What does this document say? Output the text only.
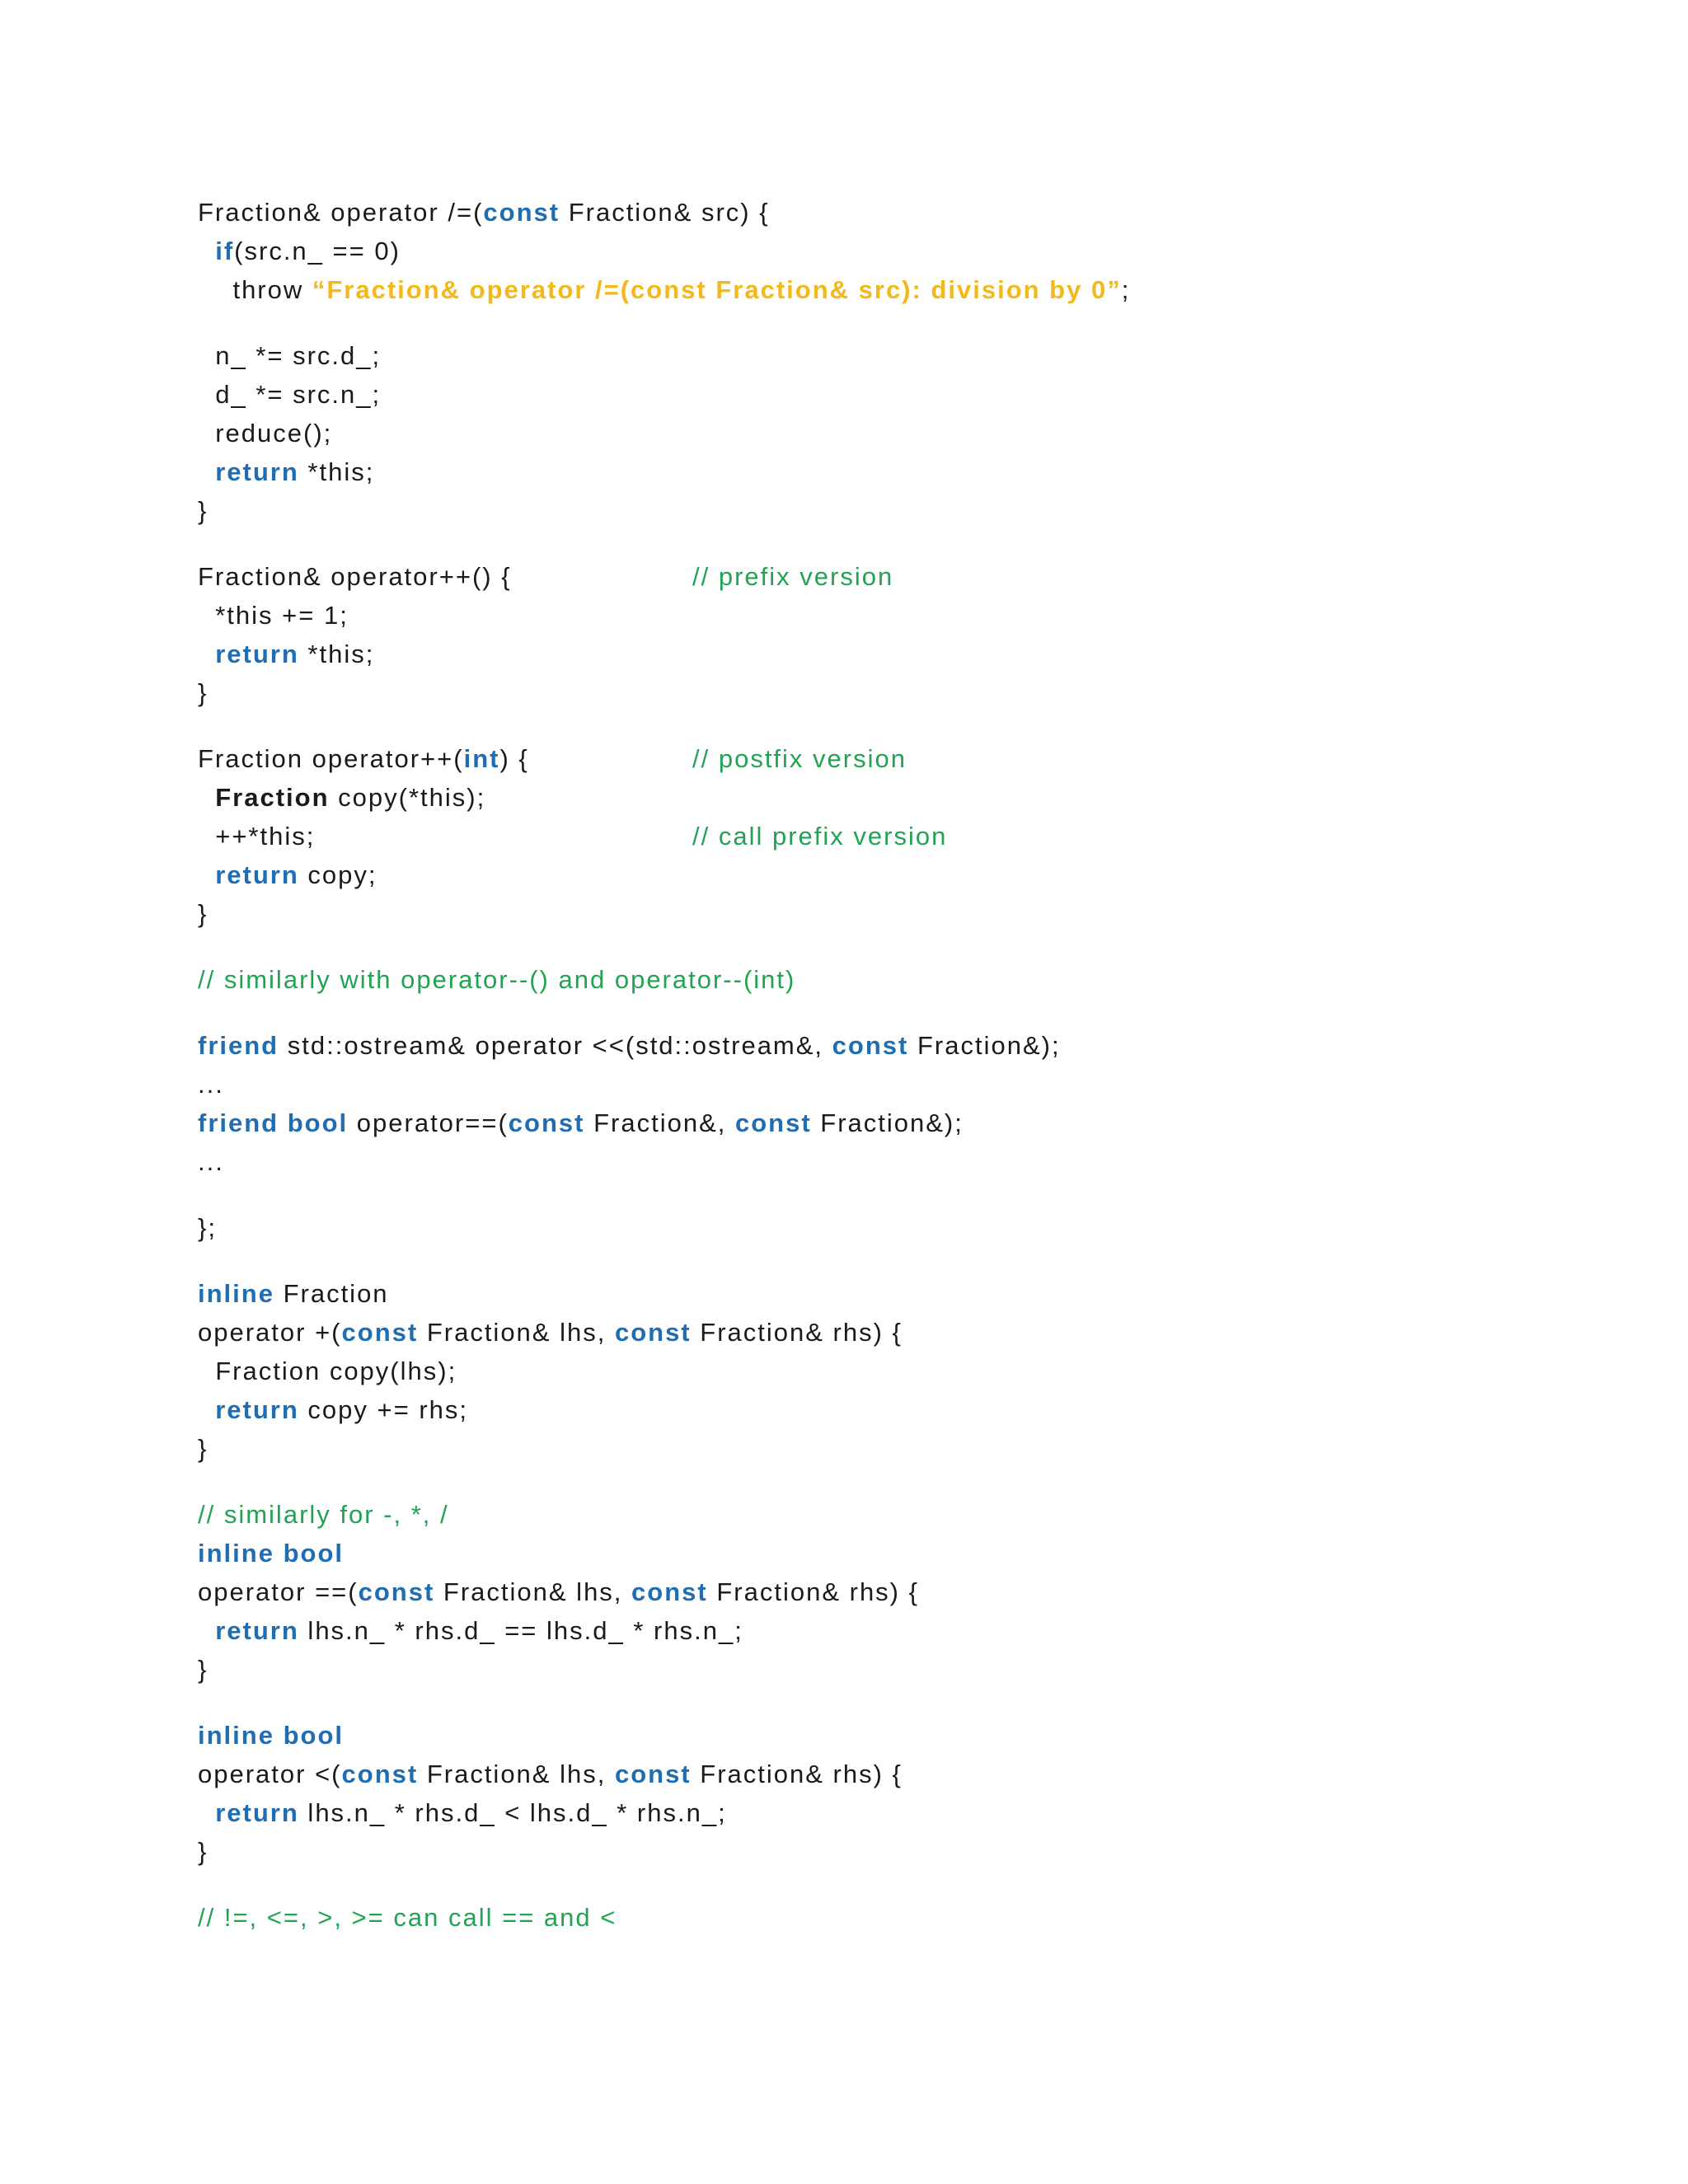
Fraction& operator /=(const Fraction& src) {
if(src.n_ == 0)
throw “Fraction& operator /=(const Fraction& src): division by 0”;
n_ *= src.d_;
d_ *= src.n_;
reduce();
return *this;
}
Fraction& operator++() {	// prefix version
*this += 1;
return *this;
}
Fraction operator++(int) {	// postfix version
Fraction copy(*this);
++*this;	// call prefix version
return copy;
}
// similarly with operator--() and operator--(int)
friend std::ostream& operator <<(std::ostream&, const Fraction&);
...
friend bool operator==(const Fraction&, const Fraction&);
...
};
inline Fraction
operator +(const Fraction& lhs, const Fraction& rhs) {
Fraction copy(lhs);
return copy += rhs;
}
// similarly for -, *, /
inline bool
operator ==(const Fraction& lhs, const Fraction& rhs) {
return lhs.n_ * rhs.d_ == lhs.d_ * rhs.n_;
}
inline bool
operator <(const Fraction& lhs, const Fraction& rhs) {
return lhs.n_ * rhs.d_ < lhs.d_ * rhs.n_;
}
// !=, <=, >, >= can call == and <
